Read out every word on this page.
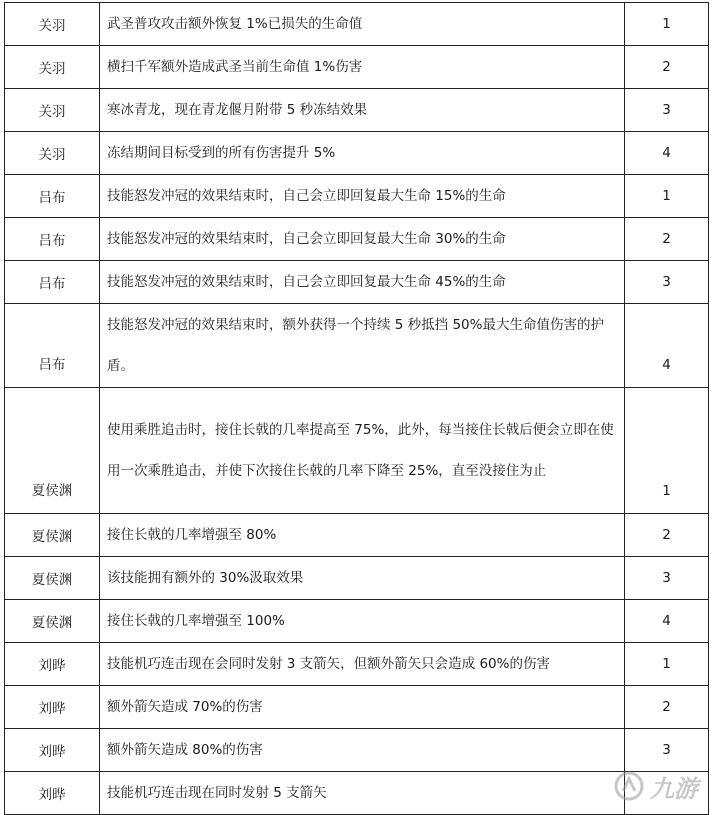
关羽	武圣普攻攻击额外恢复 1%已损失的生命值	1
关羽	横扫千军额外造成武圣当前生命值 1%伤害	2
关羽	寒冰青龙，现在青龙偃月附带 5 秒冻结效果	3
关羽	冻结期间目标受到的所有伤害提升 5%	4
吕布	技能怒发冲冠的效果结束时，自己会立即回复最大生命 15%的生命	1
吕布	技能怒发冲冠的效果结束时，自己会立即回复最大生命 30%的生命	2
吕布	技能怒发冲冠的效果结束时，自己会立即回复最大生命 45%的生命	3
吕布	技能怒发冲冠的效果结束时，额外获得一个持续 5 秒抵挡 50%最大生命值伤害的护盾。	4
夏侯渊	使用乘胜追击时，接住长戟的几率提高至 75%，此外，每当接住长戟后便会立即在使用一次乘胜追击，并使下次接住长戟的几率下降至 25%，直至没接住为止	1
夏侯渊	接住长戟的几率增强至 80%	2
夏侯渊	该技能拥有额外的 30%汲取效果	3
夏侯渊	接住长戟的几率增强至 100%	4
刘晔	技能机巧连击现在会同时发射 3 支箭矢，但额外箭矢只会造成 60%的伤害	1
刘晔	额外箭矢造成 70%的伤害	2
刘晔	额外箭矢造成 80%的伤害	3
刘晔	技能机巧连击现在同时发射 5 支箭矢		九游
